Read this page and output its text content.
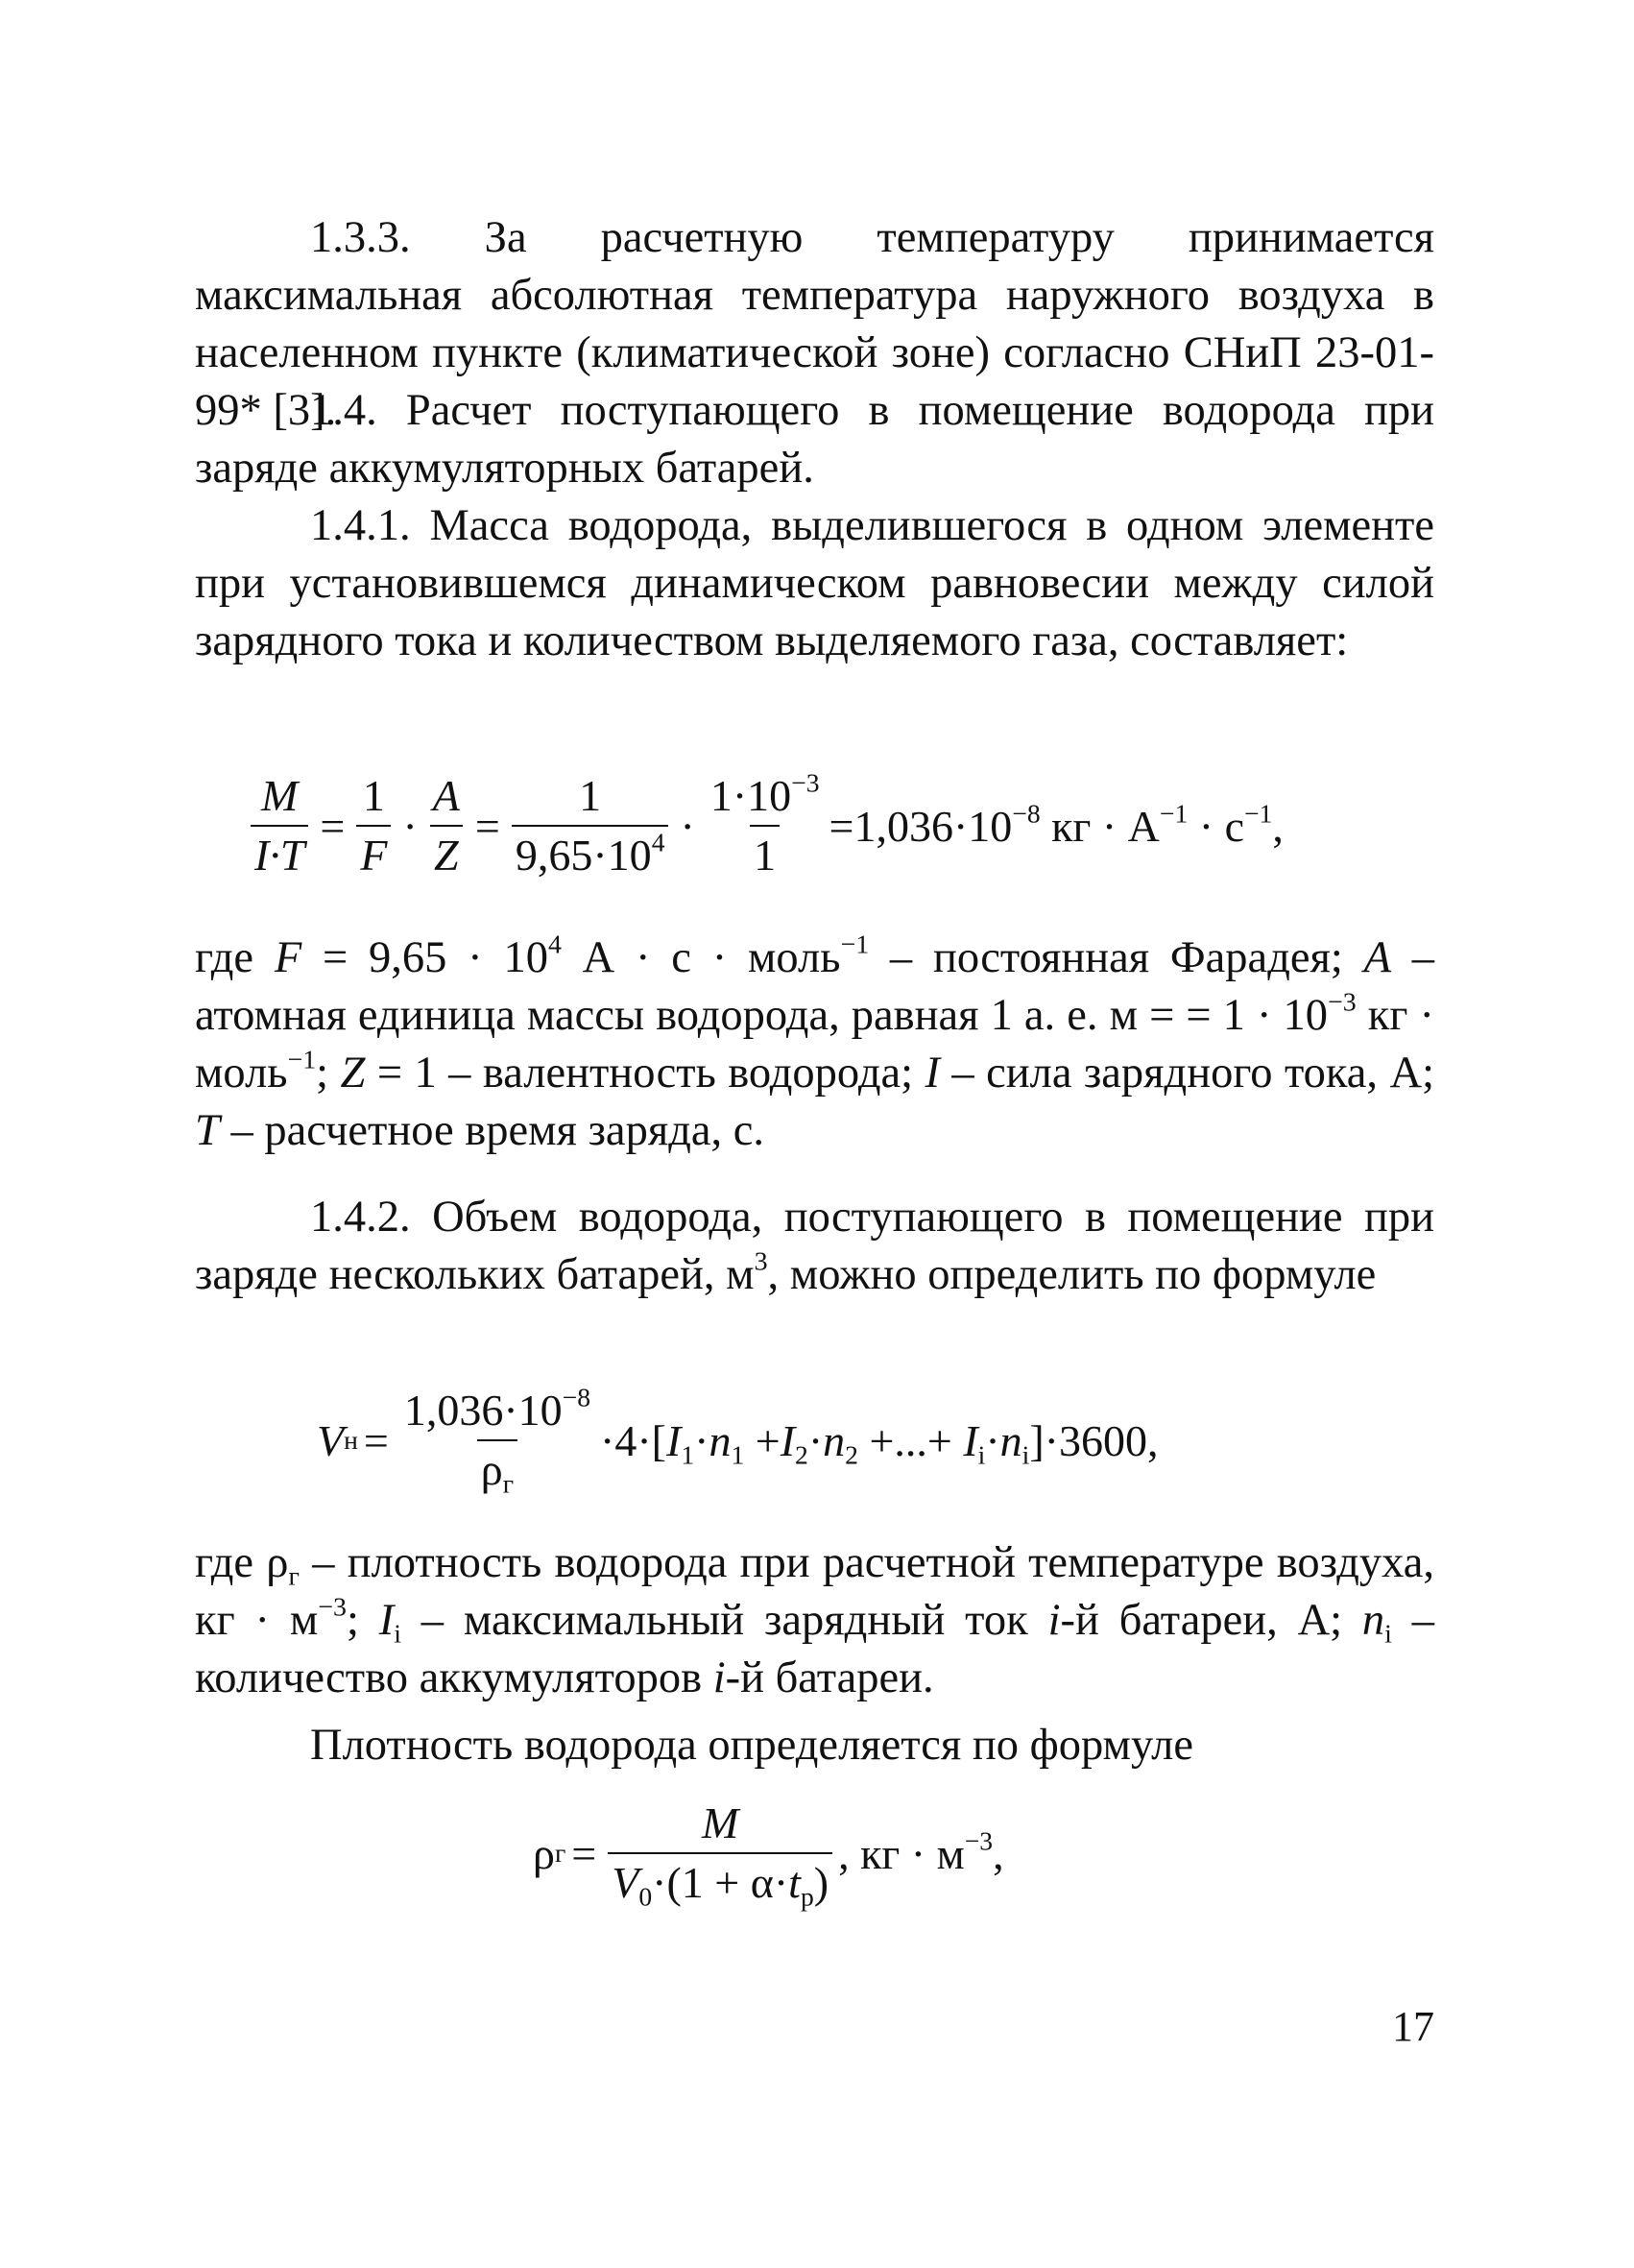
1.3.3. За расчетную температуру принимается максимальная абсолютная температура наружного воздуха в населенном пункте (климатической зоне) согласно СНиП 23-01-99* [3].
1.4. Расчет поступающего в помещение водорода при заряде аккумуляторных батарей.
1.4.1. Масса водорода, выделившегося в одном элементе при установившемся динамическом равновесии между силой зарядного тока и количеством выделяемого газа, составляет:
$\frac{M}{I\cdot T} = \frac{1}{F} \cdot \frac{A}{Z} = \frac{1}{9,65\cdot 10^4} \cdot \frac{1\cdot 10^{-3}}{1} =1,036\cdot 10^{-8}$ кг · $А^{-1} \cdot с^{-1}$,
где $F = 9,65 \cdot 10^4$ А · с · моль$^{-1}$ – постоянная Фарадея; A – атомная единица массы водорода, равная 1 а. е. м = = $1 \cdot 10^{-3}$ кг · моль$^{-1}$; Z = 1 – валентность водорода; I – сила зарядного тока, А; T – расчетное время заряда, с.
1.4.2. Объем водорода, поступающего в помещение при заряде нескольких батарей, $м^3$, можно определить по формуле
V $н = \frac{1,036\cdot 10^{-8}}{\rho_г} \cdot 4\cdot[I_1\cdot n_1 +I_2\cdot n_2$ +...+ $I_i\cdot n_i]\cdot 3600$,
где $\rho_г$ – плотность водорода при расчетной температуре воздуха, кг · $м^{-3}$; $I_i$ – максимальный зарядный ток i-й батареи, А; $n_i$ – количество аккумуляторов i-й батареи.
Плотность водорода определяется по формуле
ρ $г = \frac{M}{V_0\cdot(1 + \alpha\cdot t_р)}$ , кг · $м^{-3}$,
17
